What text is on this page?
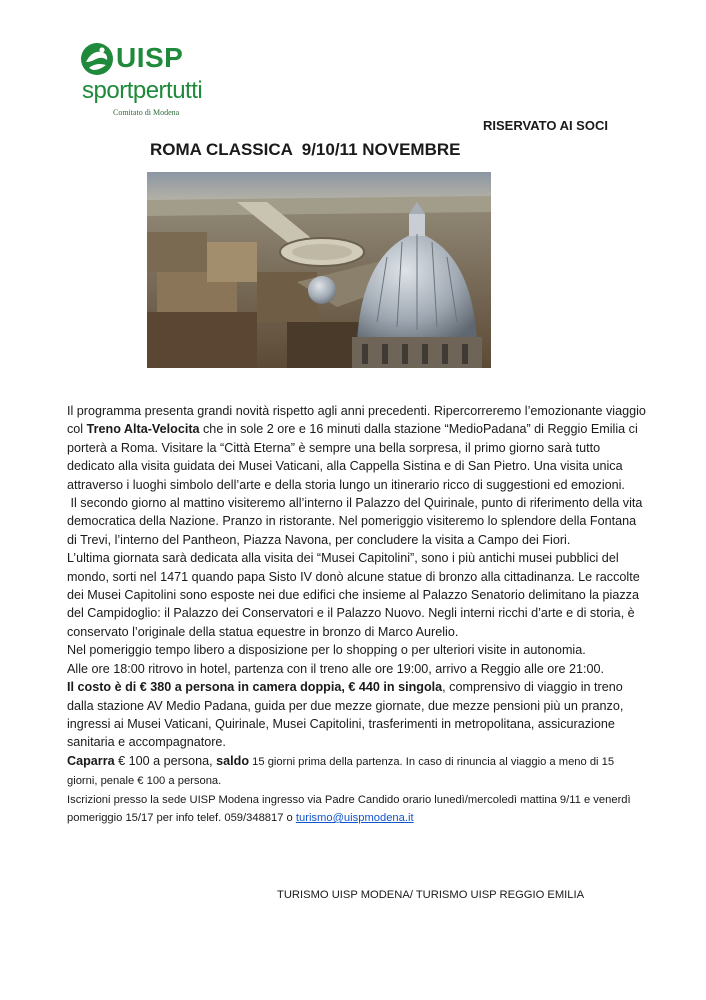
UISP
sportpertutti
Comitato di Modena
RISERVATO AI SOCI
ROMA CLASSICA  9/10/11 NOVEMBRE

Il programma presenta grandi novità rispetto agli anni precedenti. Ripercorreremo l’emozionante viaggio col Treno Alta-Velocita che in sole 2 ore e 16 minuti dalla stazione “MedioPadana” di Reggio Emilia ci porterà a Roma. Visitare la “Città Eterna” è sempre una bella sorpresa, il primo giorno sarà tutto dedicato alla visita guidata dei Musei Vaticani, alla Cappella Sistina e di San Pietro. Una visita unica attraverso i luoghi simbolo dell’arte e della storia lungo un itinerario ricco di suggestioni ed emozioni.

Il secondo giorno al mattino visiteremo all’interno il Palazzo del Quirinale, punto di riferimento della vita democratica della Nazione. Pranzo in ristorante. Nel pomeriggio visiteremo lo splendore della Fontana di Trevi, l’interno del Pantheon, Piazza Navona, per concludere la visita a Campo dei Fiori.

L’ultima giornata sarà dedicata alla visita dei “Musei Capitolini”, sono i più antichi musei pubblici del mondo, sorti nel 1471 quando papa Sisto IV donò alcune statue di bronzo alla cittadinanza. Le raccolte dei Musei Capitolini sono esposte nei due edifici che insieme al Palazzo Senatorio delimitano la piazza del Campidoglio: il Palazzo dei Conservatori e il Palazzo Nuovo. Negli interni ricchi d’arte e di storia, è conservato l’originale della statua equestre in bronzo di Marco Aurelio.

Nel pomeriggio tempo libero a disposizione per lo shopping o per ulteriori visite in autonomia.

Alle ore 18:00 ritrovo in hotel, partenza con il treno alle ore 19:00, arrivo a Reggio alle ore 21:00.

Il costo è di € 380 a persona in camera doppia, € 440 in singola, comprensivo di viaggio in treno dalla stazione AV Medio Padana, guida per due mezze giornate, due mezze pensioni più un pranzo, ingressi ai Musei Vaticani, Quirinale, Musei Capitolini, trasferimenti in metropolitana, assicurazione sanitaria e accompagnatore.

Caparra € 100 a persona, saldo 15 giorni prima della partenza. In caso di rinuncia al viaggio a meno di 15 giorni, penale € 100 a persona.

Iscrizioni presso la sede UISP Modena ingresso via Padre Candido orario lunedì/mercoledì mattina 9/11 e venerdì pomeriggio 15/17 per info telef. 059/348817 o turismo@uispmodena.it

TURISMO UISP MODENA/ TURISMO UISP REGGIO EMILIA
